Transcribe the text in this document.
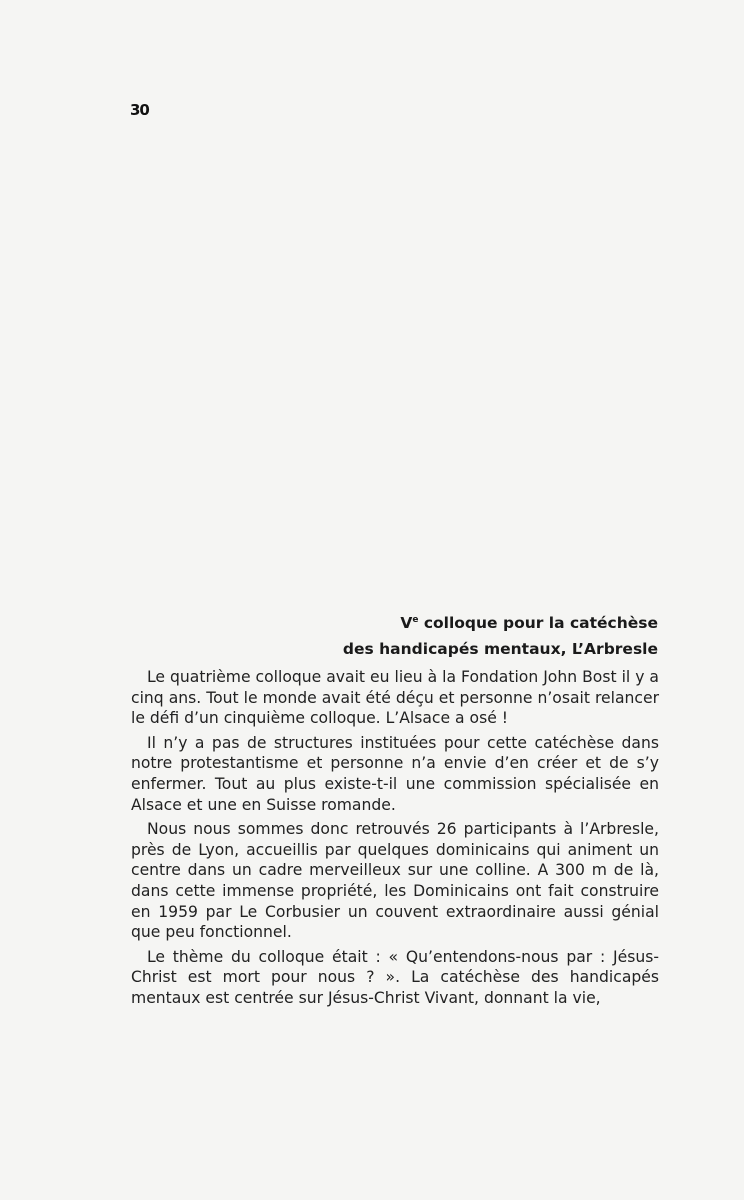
30
Ve colloque pour la catéchèse
des handicapés mentaux, L’Arbresle

Le quatrième colloque avait eu lieu à la Fondation John Bost il y a cinq ans. Tout le monde avait été déçu et personne n’osait relancer le défi d’un cinquième colloque. L’Alsace a osé !

Il n’y a pas de structures instituées pour cette catéchèse dans notre protestantisme et personne n’a envie d’en créer et de s’y enfermer. Tout au plus existe-t-il une commission spécialisée en Alsace et une en Suisse romande.

Nous nous sommes donc retrouvés 26 participants à l’Arbresle, près de Lyon, accueillis par quelques dominicains qui animent un centre dans un cadre merveilleux sur une colline. A 300 m de là, dans cette immense propriété, les Dominicains ont fait construire en 1959 par Le Corbusier un couvent extraordinaire aussi génial que peu fonctionnel.

Le thème du colloque était : « Qu’entendons-nous par : Jésus-Christ est mort pour nous ? ». La catéchèse des handicapés mentaux est centrée sur Jésus-Christ Vivant, donnant la vie,
